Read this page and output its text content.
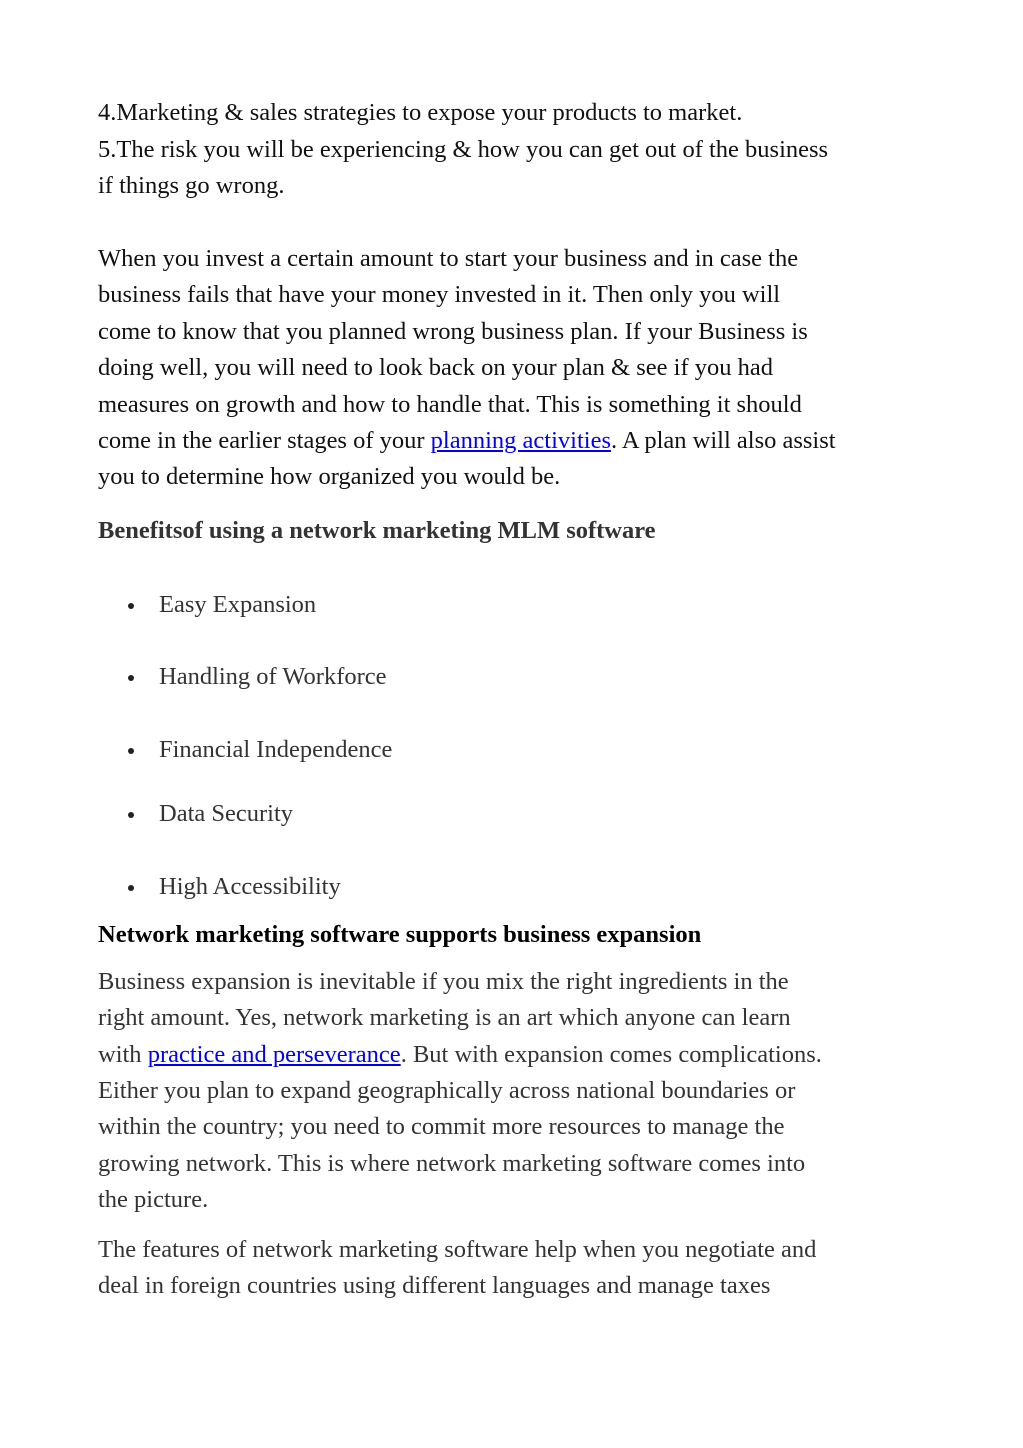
4.Marketing & sales strategies to expose your products to market.
5.The risk you will be experiencing & how you can get out of the business
if things go wrong.
When you invest a certain amount to start your business and in case the
business fails that have your money invested in it. Then only you will
come to know that you planned wrong business plan. If your Business is
doing well, you will need to look back on your plan & see if you had
measures on growth and how to handle that. This is something it should
come in the earlier stages of your planning activities. A plan will also assist
you to determine how organized you would be.
Benefitsof using a network marketing MLM software
Easy Expansion
Handling of Workforce
Financial Independence
Data Security
High Accessibility
Network marketing software supports business expansion
Business expansion is inevitable if you mix the right ingredients in the
right amount. Yes, network marketing is an art which anyone can learn
with practice and perseverance. But with expansion comes complications.
Either you plan to expand geographically across national boundaries or
within the country; you need to commit more resources to manage the
growing network. This is where network marketing software comes into
the picture.
The features of network marketing software help when you negotiate and
deal in foreign countries using different languages and manage taxes
